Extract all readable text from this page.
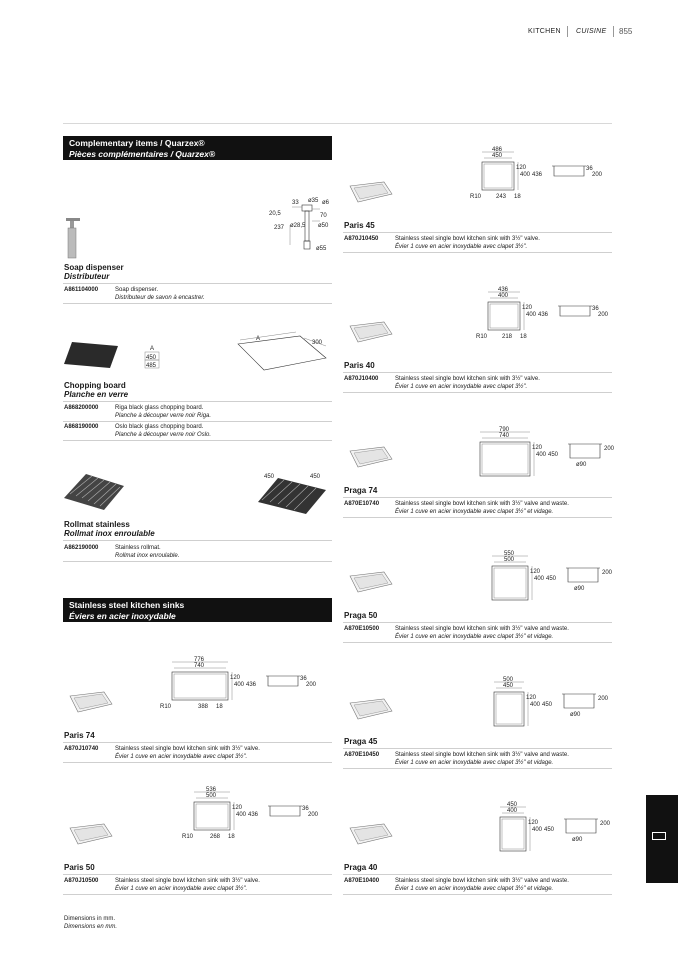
KITCHEN CUISINE 855
Complementary items / Quarzex®
Pièces complémentaires / Quarzex®
33 ø35 ø6
20,5	70
237 ø28,5 ø50
ø55
Soap dispenser
Distributeur
A861104000	Soap dispenser.
Distributeur de savon à encastrer.
A
450
485
A
300
Chopping board
Planche en verre
A868200000	Riga black glass chopping board.
Planche à découper verre noir Riga.
A868190000	Oslo black glass chopping board.
Planche à découper verre noir Oslo.
450	450
Rollmat stainless
Rollmat inox enroulable
A862190000	Stainless rollmat.
Rollmat inox enroulable.
Stainless steel kitchen sinks
Éviers en acier inoxydable
776
740
120
400 436
R10	388 18
36
200
Paris 74
A870J10740	Stainless steel single bowl kitchen sink with 3½" valve.
Évier 1 cuve en acier inoxydable avec clapet 3½".
536
500
120
400 436
R10	268 18
36
200
Paris 50
A870J10500	Stainless steel single bowl kitchen sink with 3½" valve.
Évier 1 cuve en acier inoxydable avec clapet 3½".
486
450
120
400 436
R10 243 18
36
200
Paris 45
A870J10450	Stainless steel single bowl kitchen sink with 3½" valve.
Évier 1 cuve en acier inoxydable avec clapet 3½".
436
400
120
400 436
R10 218 18
36
200
Paris 40
A870J10400	Stainless steel single bowl kitchen sink with 3½" valve.
Évier 1 cuve en acier inoxydable avec clapet 3½".
790
740
120
400 450
200
ø90
Praga 74
A870E10740	Stainless steel single bowl kitchen sink with 3½" valve and waste.
Évier 1 cuve en acier inoxydable avec clapet 3½" et vidage.
550
500
120
400 450
200
ø90
Praga 50
A870E10500	Stainless steel single bowl kitchen sink with 3½" valve and waste.
Évier 1 cuve en acier inoxydable avec clapet 3½" et vidage.
500
450
120
400 450
200
ø90
Praga 45
A870E10450	Stainless steel single bowl kitchen sink with 3½" valve and waste.
Évier 1 cuve en acier inoxydable avec clapet 3½" et vidage.
450
400
120
400 450
200
ø90
Praga 40
A870E10400	Stainless steel single bowl kitchen sink with 3½" valve and waste.
Évier 1 cuve en acier inoxydable avec clapet 3½" et vidage.
Dimensions in mm.
Dimensions en mm.
